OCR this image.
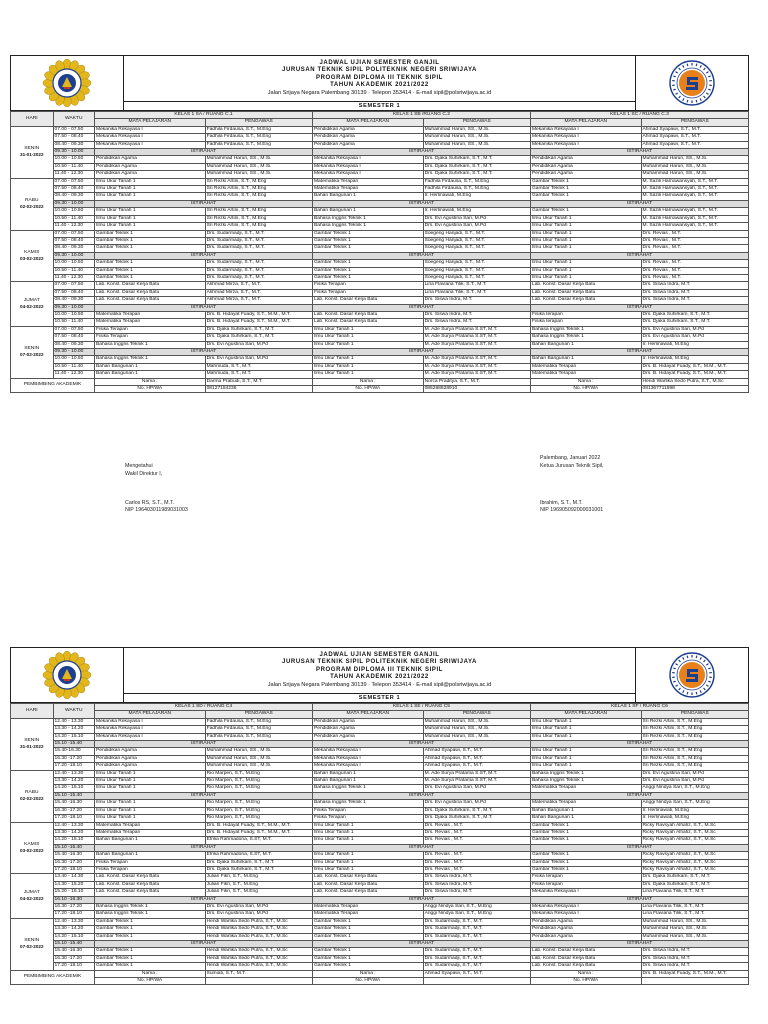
JADWAL UJIAN SEMESTER GANJIL
JURUSAN TEKNIK SIPIL POLITEKNIK NEGERI SRIWIJAYA
PROGRAM DIPLOMA III TEKNIK SIPIL
TAHUN AKADEMIK 2021/2022
Jalan Srijaya Negara Palembang 30139 · Telepon 353414 · E-mail sipil@polsriwijaya.ac.id

SEMESTER 1
HARI	WAKTU	KELAS 1 SA / RUANG C.1		KELAS 1 SB /RUANG C.2		KELAS 1 SC / RUANG C.3	
		MATA PELAJARAN	PENGAWAS	MATA PELAJARAN	PENGAWAS	MATA PELAJARAN	PENGAWAS
SENIN
31-01-2022	07.00 - 07.50	Mekanika Rekayasa I	Fadhila Firdausa, S.T., M.Eng	Pendidikan Agama	Muhammad Harun, SS., M.Si.	Mekanika Rekayasa I	Ahmad Syapawi, S.T., M.T.
	07.50 - 08.40	Mekanika Rekayasa I	Fadhila Firdausa, S.T., M.Eng	Pendidikan Agama	Muhammad Harun, SS., M.Si.	Mekanika Rekayasa I	Ahmad Syapawi, S.T., M.T.
	08.40 - 09.30	Mekanika Rekayasa I	Fadhila Firdausa, S.T., M.Eng	Pendidikan Agama	Muhammad Harun, SS., M.Si.	Mekanika Rekayasa I	Ahmad Syapawi, S.T., M.T.
	09.30 - 10.00	ISTIRAHAT		ISTIRAHAT		ISTIRAHAT	
	10.00 - 10.50	Pendidikan Agama	Muhammad Harun, SS., M.Si.	Mekanika Rekayasa I	Drs. Djaka Suhirkam, S.T., M.T.	Pendidikan Agama	Muhammad Harun, SS., M.Si.
	10.50 - 11.40	Pendidikan Agama	Muhammad Harun, SS., M.Si.	Mekanika Rekayasa I	Drs. Djaka Suhirkam, S.T., M.T.	Pendidikan Agama	Muhammad Harun, SS., M.Si.
	11.40 - 12.30	Pendidikan Agama	Muhammad Harun, SS., M.Si.	Mekanika Rekayasa I	Drs. Djaka Suhirkam, S.T., M.T.	Pendidikan Agama	Muhammad Harun, SS., M.Si.
RABU
02-02-2022	07.00 - 07.50	Ilmu Ukur Tanah 1	Sri Rezki Artini, S.T., M.Eng	Matematika Terapan	Fadhila Firdausa, S.T., M.Eng	Gambar Teknik 1	M. Sazili Harnawansyah, S.T., M.T.
	07.50 - 08.40	Ilmu Ukur Tanah 1	Sri Rezki Artini, S.T., M.Eng	Matematika Terapan	Fadhila Firdausa, S.T., M.Eng	Gambar Teknik 1	M. Sazili Harnawansyah, S.T., M.T.
	08.40 - 09.30	Ilmu Ukur Tanah 1	Sri Rezki Artini, S.T., M.Eng	Bahan Bangunan 1	Ir. Herlinawati, M.Eng	Gambar Teknik 1	M. Sazili Harnawansyah, S.T., M.T.
	09.30 - 10.00	ISTIRAHAT		ISTIRAHAT		ISTIRAHAT	
	10.00 - 10.50	Ilmu Ukur Tanah 1	Sri Rezki Artini, S.T., M.Eng	Bahan Bangunan 1	Ir. Herlinawati, M.Eng	Gambar Teknik 1	M. Sazili Harnawansyah, S.T., M.T.
	10.50 - 11.40	Ilmu Ukur Tanah 1	Sri Rezki Artini, S.T., M.Eng	Bahasa Inggris Teknik 1	Drs. Evi Agustina Sari, M.Pd	Ilmu Ukur Tanah 1	M. Sazili Harnawansyah, S.T., M.T.
	11.40 - 12.30	Ilmu Ukur Tanah 1	Sri Rezki Artini, S.T., M.Eng	Bahasa Inggris Teknik 1	Drs. Evi Agustina Sari, M.Pd	Ilmu Ukur Tanah 1	M. Sazili Harnawansyah, S.T., M.T.
KAMIS
03-02-2022	07.00 - 07.50	Gambar Teknik 1	Drs. Sudarmadji, S.T., M.T.	Gambar Teknik 1	Soegeng Hanjadi, S.T., M.T.	Ilmu Ukur Tanah 1	Drs. Revias , M.T.
	07.50 - 08.40	Gambar Teknik 1	Drs. Sudarmadji, S.T., M.T.	Gambar Teknik 1	Soegeng Hanjadi, S.T., M.T.	Ilmu Ukur Tanah 1	Drs. Revias , M.T.
	08.40 - 09.30	Gambar Teknik 1	Drs. Sudarmadji, S.T., M.T.	Gambar Teknik 1	Soegeng Hanjadi, S.T., M.T.	Ilmu Ukur Tanah 1	Drs. Revias , M.T.
	09.30 - 10.00	ISTIRAHAT		ISTIRAHAT		ISTIRAHAT	
	10.00 - 10.50	Gambar Teknik 1	Drs. Sudarmadji, S.T., M.T.	Gambar Teknik 1	Soegeng Hanjadi, S.T., M.T.	Ilmu Ukur Tanah 1	Drs. Revias , M.T.
	10.50 - 11.40	Gambar Teknik 1	Drs. Sudarmadji, S.T., M.T.	Gambar Teknik 1	Soegeng Hanjadi, S.T., M.T.	Ilmu Ukur Tanah 1	Drs. Revias , M.T.
	11.40 - 12.30	Gambar Teknik 1	Drs. Sudarmadji, S.T., M.T.	Gambar Teknik 1	Soegeng Hanjadi, S.T., M.T.	Ilmu Ukur Tanah 1	Drs. Revias , M.T.
JUMAT
04-02-2022	07.00 - 07.50	Lab. Konst. Dasar Kerja Batu	Akhmad Mirza, S.T., M.T.	Fisika Terapan	Lina Flaviana Tilik, S.T., M.T.	Lab. Konst. Dasar Kerja Batu	Drs. Siswa Indra, M.T.
	07.50 - 08.40	Lab. Konst. Dasar Kerja Batu	Akhmad Mirza, S.T., M.T.	Fisika Terapan	Lina Flaviana Tilik, S.T., M.T.	Lab. Konst. Dasar Kerja Batu	Drs. Siswa Indra, M.T.
	08.40 - 09.30	Lab. Konst. Dasar Kerja Batu	Akhmad Mirza, S.T., M.T.	Lab. Konst. Dasar Kerja Batu	Drs. Siswa Indra, M.T.	Lab. Konst. Dasar Kerja Batu	Drs. Siswa Indra, M.T.
	09.30 - 10.00	ISTIRAHAT		ISTIRAHAT		ISTIRAHAT	
	10.00 - 10.50	Matematika Terapan	Drs. B. Hidayat Fuady, S.T., M.M., M.T.	Lab. Konst. Dasar Kerja Batu	Drs. Siswa Indra, M.T.	Fisika terapan	Drs. Djaka Suhirkam, S.T., M.T.
	10.50 - 11.40	Matematika Terapan	Drs. B. Hidayat Fuady, S.T., M.M., M.T.	Lab. Konst. Dasar Kerja Batu	Drs. Siswa Indra, M.T.	Fisika terapan	Drs. Djaka Suhirkam, S.T., M.T.
SENIN
07-02-2022	07.00 - 07.50	Fisika Terapan	Drs. Djaka Suhirkam, S.T., M.T.	Ilmu Ukur Tanah 1	M. Ade Surya Pratama S.ST, M.T.	Bahasa Inggris Teknik 1	Drs. Evi Agustina Sari, M.Pd
	07.50 - 08.40	Fisika Terapan	Drs. Djaka Suhirkam, S.T., M.T.	Ilmu Ukur Tanah 1	M. Ade Surya Pratama S.ST, M.T.	Bahasa Inggris Teknik 1	Drs. Evi Agustina Sari, M.Pd
	08.40 - 09.30	Bahasa Inggris Teknik 1	Drs. Evi Agustina Sari, M.Pd	Ilmu Ukur Tanah 1	M. Ade Surya Pratama S.ST, M.T.	Bahan Bangunan 1	Ir. Herlinawati, M.Eng
	09.30 - 10.00	ISTIRAHAT		ISTIRAHAT		ISTIRAHAT	
	10.00 - 10.50	Bahasa Inggris Teknik 1	Drs. Evi Agustina Sari, M.Pd	Ilmu Ukur Tanah 1	M. Ade Surya Pratama S.ST, M.T.	Bahan Bangunan 1	Ir. Herlinawati, M.Eng
	10.50 - 11.40	Bahan Bangunan 1	Mahmuda, S.T., M.T.	Ilmu Ukur Tanah 1	M. Ade Surya Pratama S.ST, M.T.	Matematika Terapan	Drs. B. Hidayat Fuady, S.T., M.M., M.T.
	11.40 - 12.30	Bahan Bangunan 1	Mahmuda, S.T., M.T.	Ilmu Ukur Tanah 1	M. Ade Surya Pratama S.ST, M.T.	Matematika Terapan	Drs. B. Hidayat Fuady, S.T., M.M., M.T.
PEMBIMBING AKADEMIK		Nama :	Darma Prabudi, S.T., M.T.	Nama :	Norca Praditya, S.T., M.T.	Nama :	Hendi Warlika Sedo Putra, S.T., M.Sc
		No. HP/WA	08127184236	No. HP/WA	085268828910	No. HP/WA	081367711698

JADWAL UJIAN SEMESTER GANJIL
JURUSAN TEKNIK SIPIL POLITEKNIK NEGERI SRIWIJAYA
PROGRAM DIPLOMA III TEKNIK SIPIL
TAHUN AKADEMIK 2021/2022
Jalan Srijaya Negara Palembang 30139 · Telepon 353414 · E-mail sipil@polsriwijaya.ac.id

SEMESTER 1
HARI	WAKTU	KELAS 1 SD / RUANG C4		KELAS 1 SE / RUANG C5		KELAS 1 SF / RUANG C6	
		MATA PELAJARAN	PENGAWAS	MATA PELAJARAN	PENGAWAS	MATA PELAJARAN	PENGAWAS
SENIN
31-01-2022	12.40 - 13.30	Mekanika Rekayasa I	Fadhila Firdausa, S.T., M.Eng	Pendidikan Agama	Muhammad Harun, SS., M.Si.	Ilmu Ukur Tanah 1	Sri Rezki Artini, S.T., M.Eng
	13.30 - 14.20	Mekanika Rekayasa I	Fadhila Firdausa, S.T., M.Eng	Pendidikan Agama	Muhammad Harun, SS., M.Si.	Ilmu Ukur Tanah 1	Sri Rezki Artini, S.T., M.Eng
	14.20 - 15.10	Mekanika Rekayasa I	Fadhila Firdausa, S.T., M.Eng	Pendidikan Agama	Muhammad Harun, SS., M.Si.	Ilmu Ukur Tanah 1	Sri Rezki Artini, S.T., M.Eng
	15.10 -15.40	ISTIRAHAT		ISTIRAHAT		ISTIRAHAT	
	15.40-16.30	Pendidikan Agama	Muhammad Harun, SS., M.Si.	Mekanika Rekayasa I	Ahmad Syapawi, S.T., M.T.	Ilmu Ukur Tanah 1	Sri Rezki Artini, S.T., M.Eng
	16.30 -17.20	Pendidikan Agama	Muhammad Harun, SS., M.Si.	Mekanika Rekayasa I	Ahmad Syapawi, S.T., M.T.	Ilmu Ukur Tanah 1	Sri Rezki Artini, S.T., M.Eng
	17.20 -18.10	Pendidikan Agama	Muhammad Harun, SS., M.Si.	Mekanika Rekayasa I	Ahmad Syapawi, S.T., M.T.	Ilmu Ukur Tanah 1	Sri Rezki Artini, S.T., M.Eng
RABU
02-02-2022	12.40 - 13.30	Ilmu Ukur Tanah 1	Rio Marpen, S.T., M.Eng	Bahan Bangunan 1	M. Ade Surya Pratama S.ST, M.T.	Bahasa Inggris Teknik 1	Drs. Evi Agustina Sari, M.Pd
	13.30 - 14.20	Ilmu Ukur Tanah 1	Rio Marpen, S.T., M.Eng	Bahan Bangunan 1	M. Ade Surya Pratama S.ST, M.T.	Bahasa Inggris Teknik 1	Drs. Evi Agustina Sari, M.Pd
	14.20 - 15.10	Ilmu Ukur Tanah 1	Rio Marpen, S.T., M.Eng	Bahasa Inggris Teknik 1	Drs. Evi Agustina Sari, M.Pd	Matematika Terapan	Anggi Nindya Sari, S.T., M.Eng
	15.10 -15.40	ISTIRAHAT		ISTIRAHAT		ISTIRAHAT	
	15.40 -16.30	Ilmu Ukur Tanah 1	Rio Marpen, S.T., M.Eng	Bahasa Inggris Teknik 1	Drs. Evi Agustina Sari, M.Pd	Matematika Terapan	Anggi Nindya Sari, S.T., M.Eng
	16.30 -17.20	Ilmu Ukur Tanah 1	Rio Marpen, S.T., M.Eng	Fisika Terapan	Drs. Djaka Suhirkam, S.T., M.T.	Bahan Bangunan 1	Ir. Herlinawati, M.Eng
	17.20 -18.10	Ilmu Ukur Tanah 1	Rio Marpen, S.T., M.Eng	Fisika Terapan	Drs. Djaka Suhirkam, S.T., M.T.	Bahan Bangunan 1	Ir. Herlinawati, M.Eng
KAMIS
03-02-2022	12.40 - 13.30	Matematika Terapan	Drs. B. Hidayat Fuady, S.T., M.M., M.T.	Ilmu Ukur Tanah 1	Drs. Revias , M.T.	Gambar Teknik 1	Ricky Ravsyah Alhafiz, S.T., M.Sc
	13.30 - 14.20	Matematika Terapan	Drs. B. Hidayat Fuady, S.T., M.M., M.T.	Ilmu Ukur Tanah 1	Drs. Revias , M.T.	Gambar Teknik 1	Ricky Ravsyah Alhafiz, S.T., M.Sc
	14.20 - 15.10	Bahan Bangunan 1	Efrilia Rahmadona, S.ST, M.T.	Ilmu Ukur Tanah 1	Drs. Revias , M.T.	Gambar Teknik 1	Ricky Ravsyah Alhafiz, S.T., M.Sc
	15.10 -15.40	ISTIRAHAT		ISTIRAHAT		ISTIRAHAT	
	15.40 -16.30	Bahan Bangunan 1	Efrilia Rahmadona, S.ST, M.T.	Ilmu Ukur Tanah 1	Drs. Revias , M.T.	Gambar Teknik 1	Ricky Ravsyah Alhafiz, S.T., M.Sc
	16.30 -17.20	Fisika Terapan	Drs. Djaka Suhirkam, S.T., M.T.	Ilmu Ukur Tanah 1	Drs. Revias , M.T.	Gambar Teknik 1	Ricky Ravsyah Alhafiz, S.T., M.Sc
	17.20 -18.10	Fisika Terapan	Drs. Djaka Suhirkam, S.T., M.T.	Ilmu Ukur Tanah 1	Drs. Revias , M.T.	Gambar Teknik 1	Ricky Ravsyah Alhafiz, S.T., M.Sc
JUMAT
04-02-2022	13.40 - 14.30	Lab. Konst. Dasar Kerja Batu	Julian Fikri, S.T., M.Eng	Lab. Konst. Dasar Kerja Batu	Drs. Siswa Indra, M.T.	Fisika terapan	Drs. Djaka Suhirkam, S.T., M.T.
	14.30 - 15.20	Lab. Konst. Dasar Kerja Batu	Julian Fikri, S.T., M.Eng	Lab. Konst. Dasar Kerja Batu	Drs. Siswa Indra, M.T.	Fisika terapan	Drs. Djaka Suhirkam, S.T., M.T.
	15.20 - 16.10	Lab. Konst. Dasar Kerja Batu	Julian Fikri, S.T., M.Eng	Lab. Konst. Dasar Kerja Batu	Drs. Siswa Indra, M.T.	Mekanika Rekayasa I	Lina Flaviana Tilik, S.T., M.T.
	16.10 -16.30	ISTIRAHAT		ISTIRAHAT		ISTIRAHAT	
	16.30 -17.20	Bahasa Inggris Teknik 1	Drs. Evi Agustina Sari, M.Pd	Matematika Terapan	Anggi Nindya Sari, S.T., M.Eng	Mekanika Rekayasa I	Lina Flaviana Tilik, S.T., M.T.
	17.20 -18.10	Bahasa Inggris Teknik 1	Drs. Evi Agustina Sari, M.Pd	Matematika Terapan	Anggi Nindya Sari, S.T., M.Eng	Mekanika Rekayasa I	Lina Flaviana Tilik, S.T., M.T.
SENIN
07-02-2022	12.40 - 13.30	Gambar Teknik 1	Hendi Warlika Sedo Putra, S.T., M.Sc	Gambar Teknik 1	Drs. Sudarmadji, S.T., M.T.	Pendidikan Agama	Muhammad Harun, SS., M.Si.
	13.30 - 14.20	Gambar Teknik 1	Hendi Warlika Sedo Putra, S.T., M.Sc	Gambar Teknik 1	Drs. Sudarmadji, S.T., M.T.	Pendidikan Agama	Muhammad Harun, SS., M.Si.
	14.20 - 15.10	Gambar Teknik 1	Hendi Warlika Sedo Putra, S.T., M.Sc	Gambar Teknik 1	Drs. Sudarmadji, S.T., M.T.	Pendidikan Agama	Muhammad Harun, SS., M.Si.
	15.10 -15.40	ISTIRAHAT		ISTIRAHAT		ISTIRAHAT	
	15.40 -16.30	Gambar Teknik 1	Hendi Warlika Sedo Putra, S.T., M.Sc	Gambar Teknik 1	Drs. Sudarmadji, S.T., M.T.	Lab. Konst. Dasar Kerja Batu	Drs. Siswa Indra, M.T.
	16.30 -17.20	Gambar Teknik 1	Hendi Warlika Sedo Putra, S.T., M.Sc	Gambar Teknik 1	Drs. Sudarmadji, S.T., M.T.	Lab. Konst. Dasar Kerja Batu	Drs. Siswa Indra, M.T.
	17.20 -18.10	Gambar Teknik 1	Hendi Warlika Sedo Putra, S.T., M.Sc	Gambar Teknik 1	Drs. Sudarmadji, S.T., M.T.	Lab. Konst. Dasar Kerja Batu	Drs. Siswa Indra, M.T.
PEMBIMBING AKADEMIK		Nama :	Sumiati, S.T., M.T.	Nama :	Ahmad Syapawi, S.T., M.T.	Nama :	Drs. B. Hidayat Fuady, S.T., M.M., M.T.
		No. HP/WA		No. HP/WA		No. HP/WA	
Mengetahui
Wakil Direktur I,
Carlos RS, S.T., M.T.
NIP 196403011989031003
Palembang, Januari 2022
Ketua Jurusan Teknik Sipil,
Ibrahim, S.T., M.T.
NIP 196905092000031001
